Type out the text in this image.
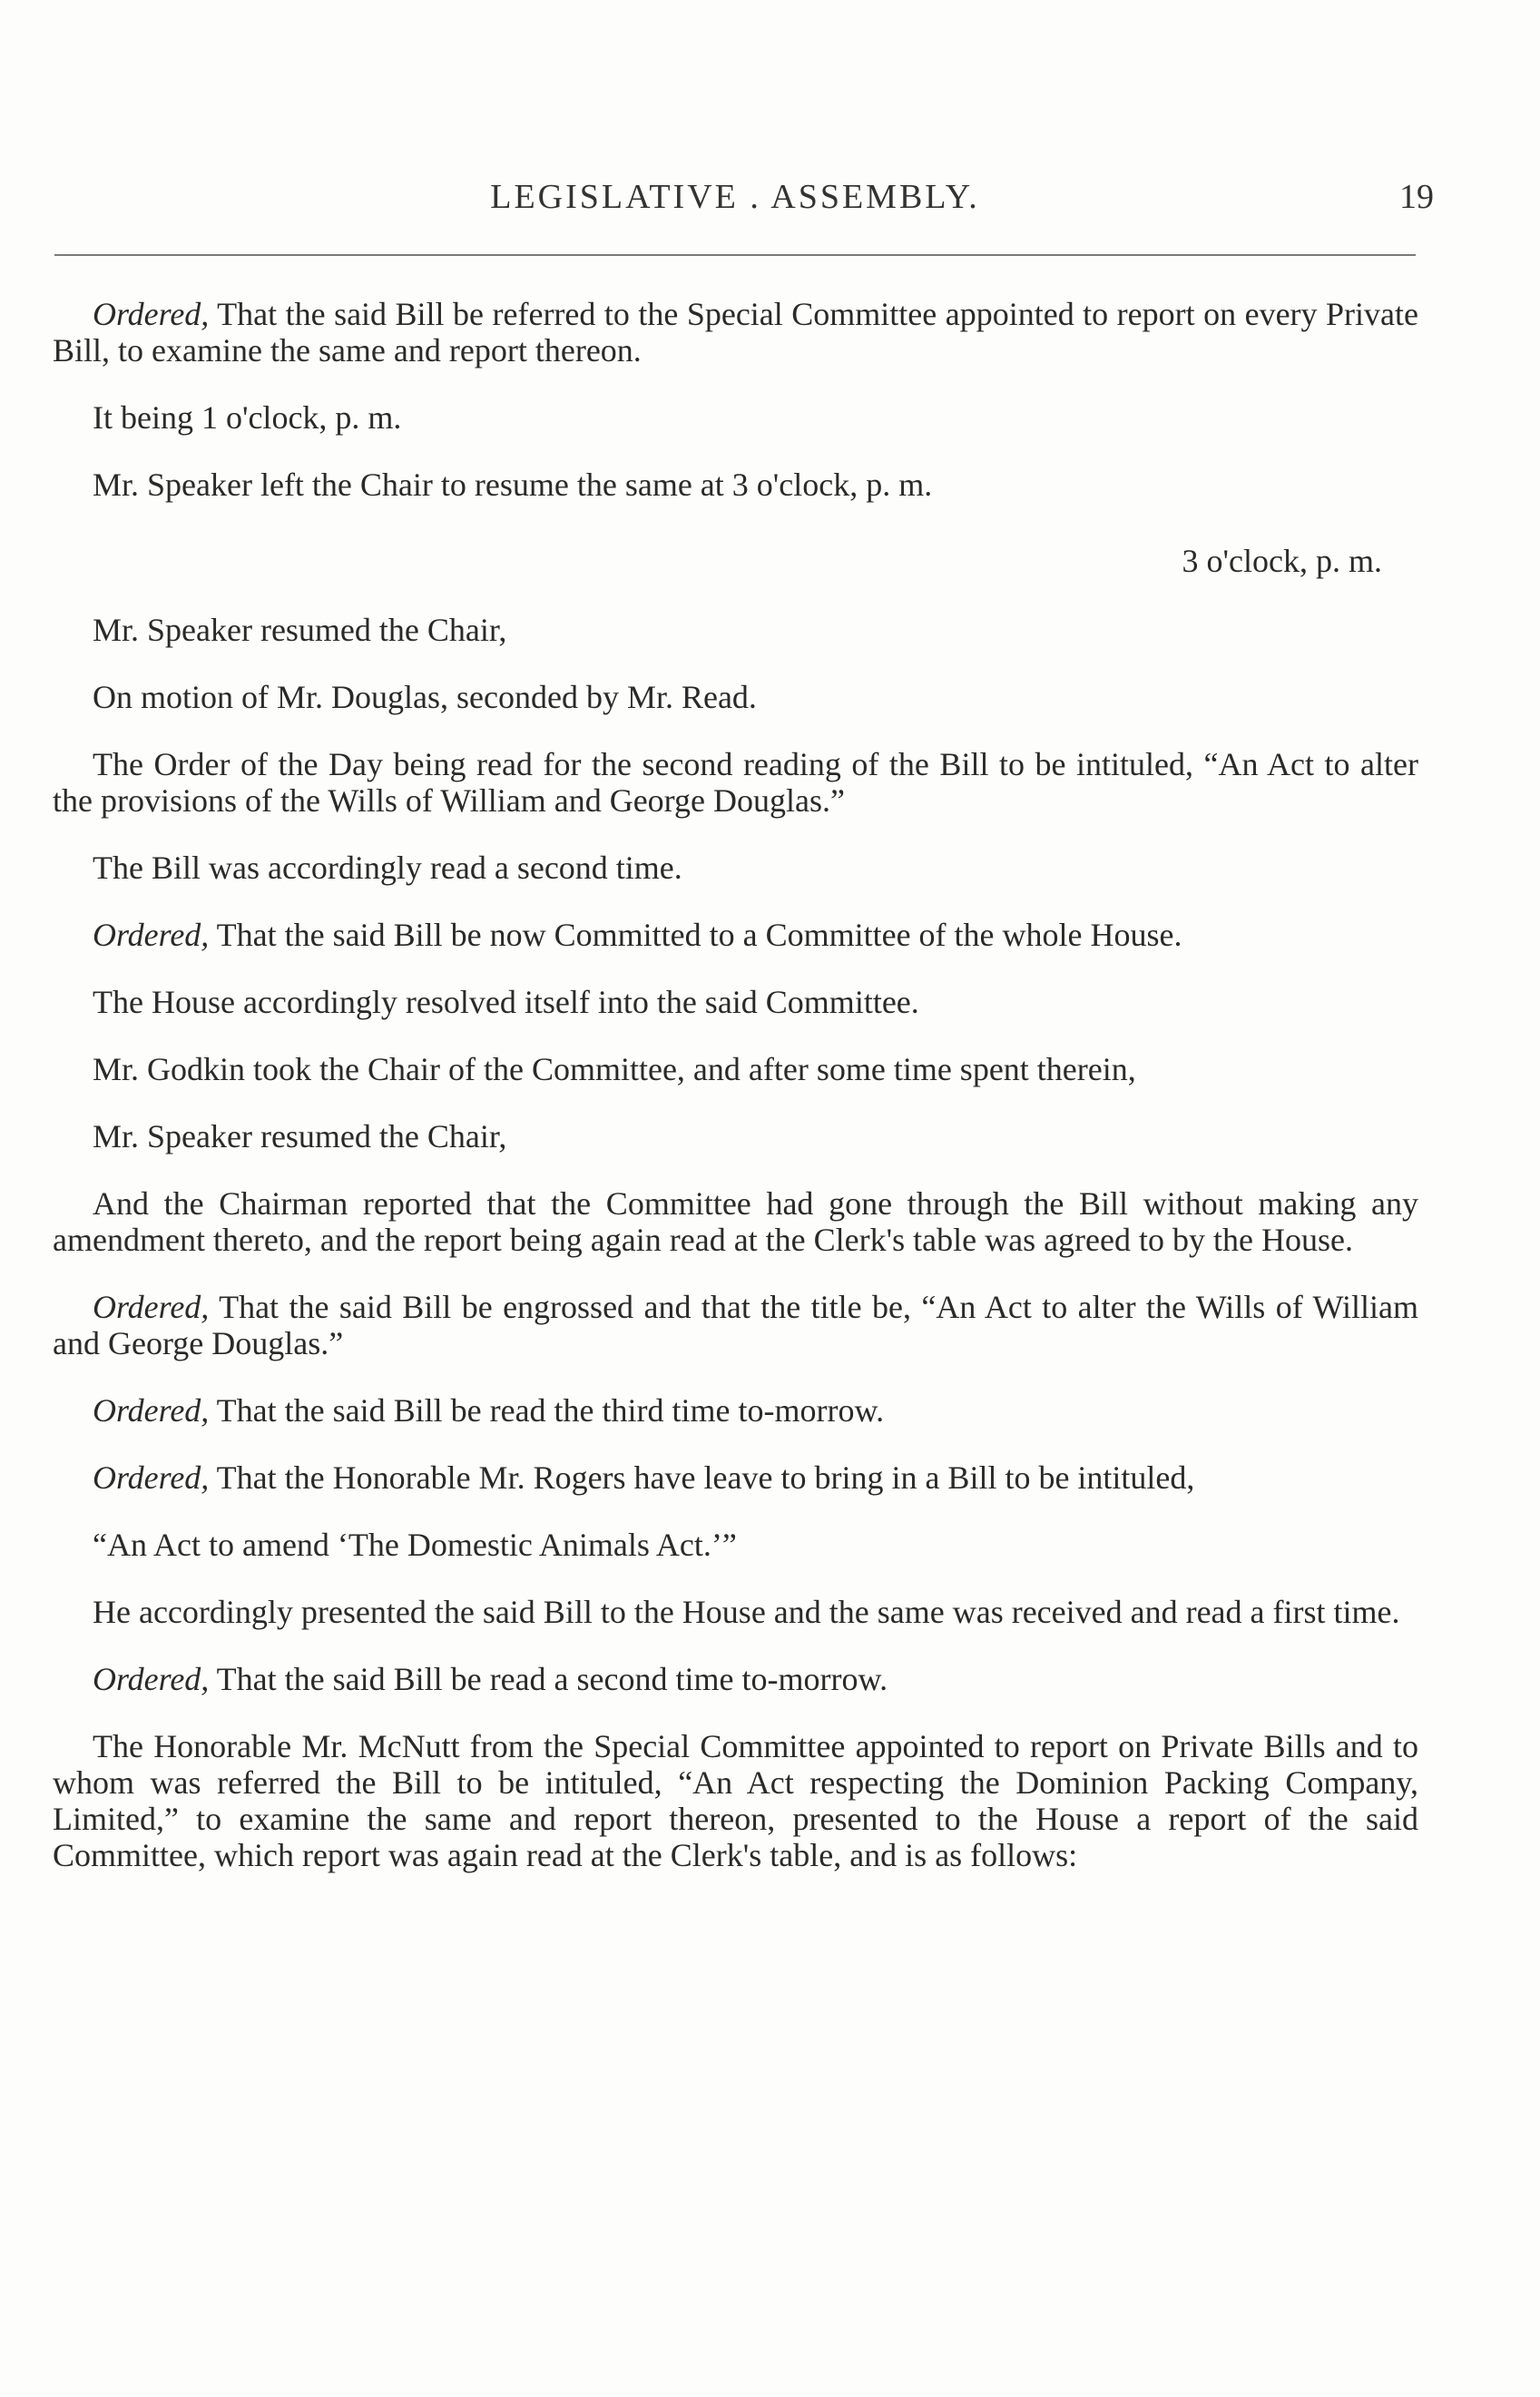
LEGISLATIVE . ASSEMBLY.	19

Ordered, That the said Bill be referred to the Special Committee appointed to report on every Private Bill, to examine the same and report thereon.

It being 1 o'clock, p. m.

Mr. Speaker left the Chair to resume the same at 3 o'clock, p. m.

3 o'clock, p. m.

Mr. Speaker resumed the Chair,

On motion of Mr. Douglas, seconded by Mr. Read.

The Order of the Day being read for the second reading of the Bill to be intituled, “An Act to alter the provisions of the Wills of William and George Douglas.”

The Bill was accordingly read a second time.

Ordered, That the said Bill be now Committed to a Committee of the whole House.

The House accordingly resolved itself into the said Committee.

Mr. Godkin took the Chair of the Committee, and after some time spent therein,

Mr. Speaker resumed the Chair,

And the Chairman reported that the Committee had gone through the Bill without making any amendment thereto, and the report being again read at the Clerk's table was agreed to by the House.

Ordered, That the said Bill be engrossed and that the title be, “An Act to alter the Wills of William and George Douglas.”

Ordered, That the said Bill be read the third time to-morrow.

Ordered, That the Honorable Mr. Rogers have leave to bring in a Bill to be intituled,

“An Act to amend ‘The Domestic Animals Act.’”

He accordingly presented the said Bill to the House and the same was received and read a first time.

Ordered, That the said Bill be read a second time to-morrow.

The Honorable Mr. McNutt from the Special Committee appointed to report on Private Bills and to whom was referred the Bill to be intituled, “An Act respecting the Dominion Packing Company, Limited,” to examine the same and report thereon, presented to the House a report of the said Committee, which report was again read at the Clerk's table, and is as follows:
